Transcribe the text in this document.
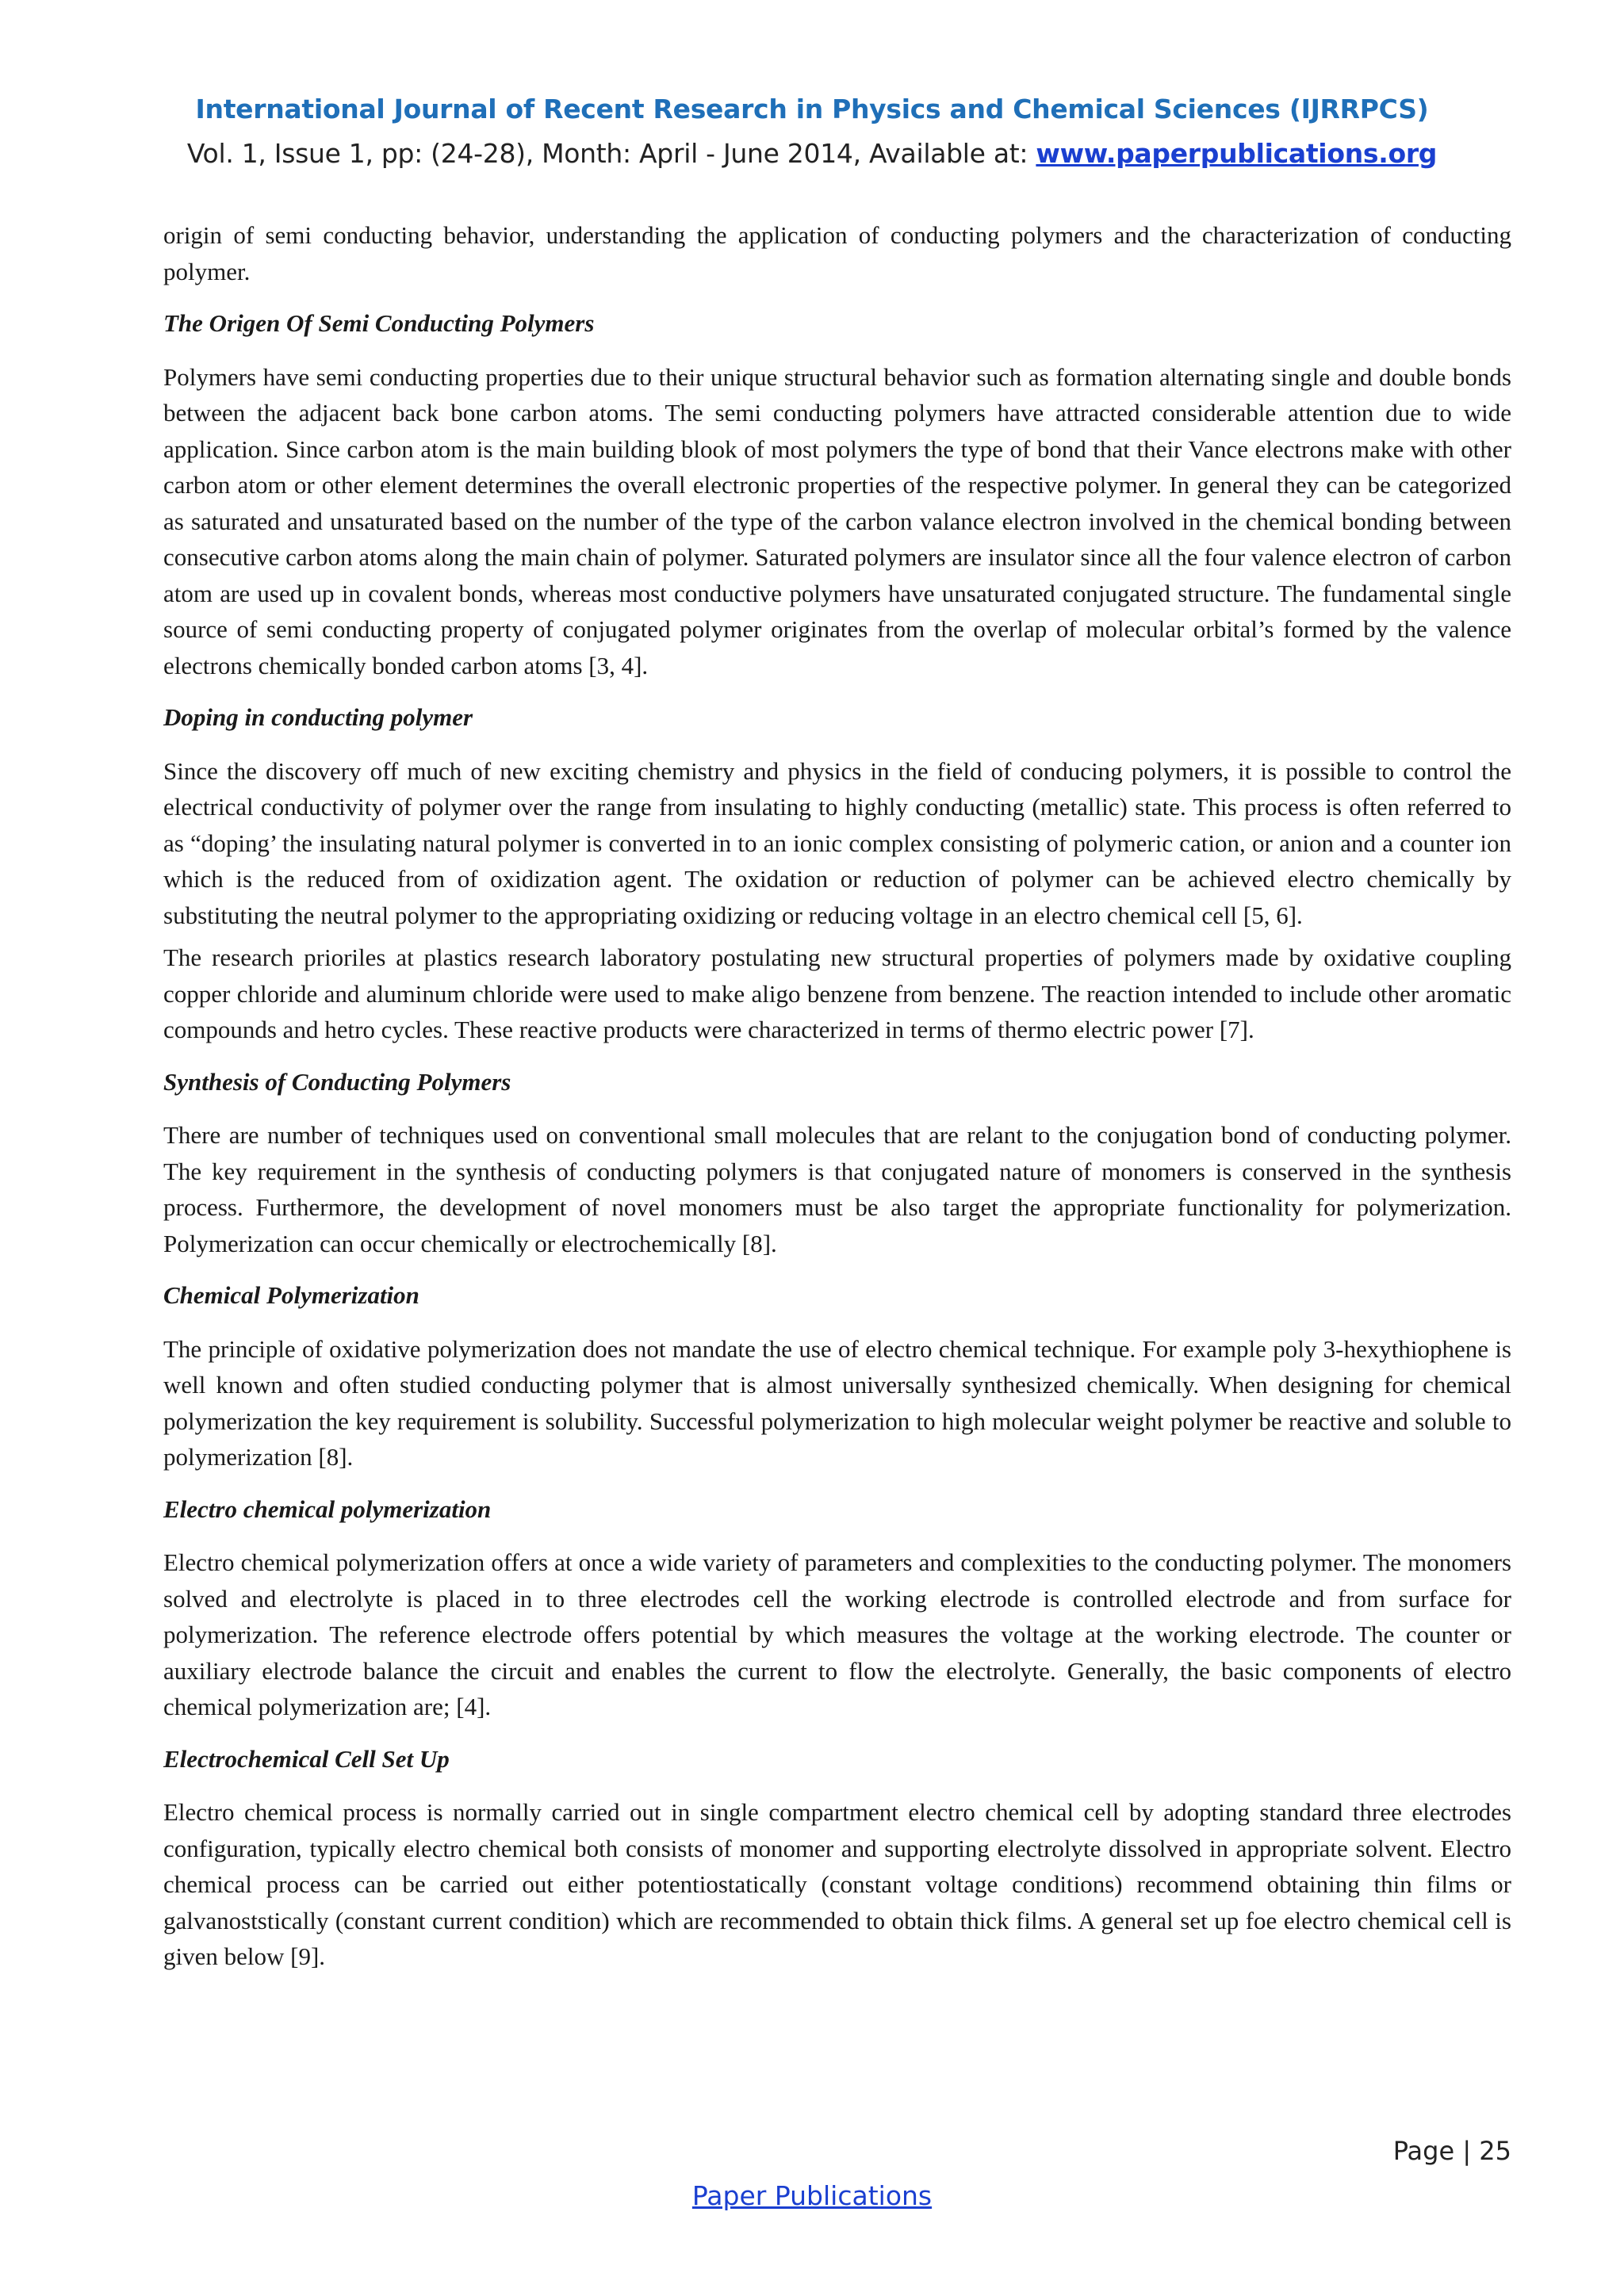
International Journal of Recent Research in Physics and Chemical Sciences (IJRRPCS)
Vol. 1, Issue 1, pp: (24-28), Month: April - June 2014, Available at: www.paperpublications.org

origin of semi conducting behavior, understanding the application of conducting polymers and the characterization of conducting polymer.

The Origen Of Semi Conducting Polymers

Polymers have semi conducting properties due to their unique structural behavior such as formation alternating single and double bonds between the adjacent back bone carbon atoms. The semi conducting polymers have attracted considerable attention due to wide application. Since carbon atom is the main building blook of most polymers the type of bond that their Vance electrons make with other carbon atom or other element determines the overall electronic properties of the respective polymer. In general they can be categorized as saturated and unsaturated based on the number of the type of the carbon valance electron involved in the chemical bonding between consecutive carbon atoms along the main chain of polymer. Saturated polymers are insulator since all the four valence electron of carbon atom are used up in covalent bonds, whereas most conductive polymers have unsaturated conjugated structure. The fundamental single source of semi conducting property of conjugated polymer originates from the overlap of molecular orbital’s formed by the valence electrons chemically bonded carbon atoms [3, 4].

Doping in conducting polymer

Since the discovery off much of new exciting chemistry and physics in the field of conducing polymers, it is possible to control the electrical conductivity of polymer over the range from insulating to highly conducting (metallic) state. This process is often referred to as “doping’ the insulating natural polymer is converted in to an ionic complex consisting of polymeric cation, or anion and a counter ion which is the reduced from of oxidization agent. The oxidation or reduction of polymer can be achieved electro chemically by substituting the neutral polymer to the appropriating oxidizing or reducing voltage in an electro chemical cell [5, 6].

The research prioriles at plastics research laboratory postulating new structural properties of polymers made by oxidative coupling copper chloride and aluminum chloride were used to make aligo benzene from benzene. The reaction intended to include other aromatic compounds and hetro cycles. These reactive products were characterized in terms of thermo electric power [7].

Synthesis of Conducting Polymers

There are number of techniques used on conventional small molecules that are relant to the conjugation bond of conducting polymer. The key requirement in the synthesis of conducting polymers is that conjugated nature of monomers is conserved in the synthesis process. Furthermore, the development of novel monomers must be also target the appropriate functionality for polymerization. Polymerization can occur chemically or electrochemically [8].

Chemical Polymerization

The principle of oxidative polymerization does not mandate the use of electro chemical technique. For example poly 3-hexythiophene is well known and often studied conducting polymer that is almost universally synthesized chemically. When designing for chemical polymerization the key requirement is solubility. Successful polymerization to high molecular weight polymer be reactive and soluble to polymerization [8].

Electro chemical polymerization

Electro chemical polymerization offers at once a wide variety of parameters and complexities to the conducting polymer. The monomers solved and electrolyte is placed in to three electrodes cell the working electrode is controlled electrode and from surface for polymerization. The reference electrode offers potential by which measures the voltage at the working electrode. The counter or auxiliary electrode balance the circuit and enables the current to flow the electrolyte. Generally, the basic components of electro chemical polymerization are; [4].

Electrochemical Cell Set Up

Electro chemical process is normally carried out in single compartment electro chemical cell by adopting standard three electrodes configuration, typically electro chemical both consists of monomer and supporting electrolyte dissolved in appropriate solvent. Electro chemical process can be carried out either potentiostatically (constant voltage conditions) recommend obtaining thin films or galvanoststically (constant current condition) which are recommended to obtain thick films. A general set up foe electro chemical cell is given below [9].

Page | 25
Paper Publications
